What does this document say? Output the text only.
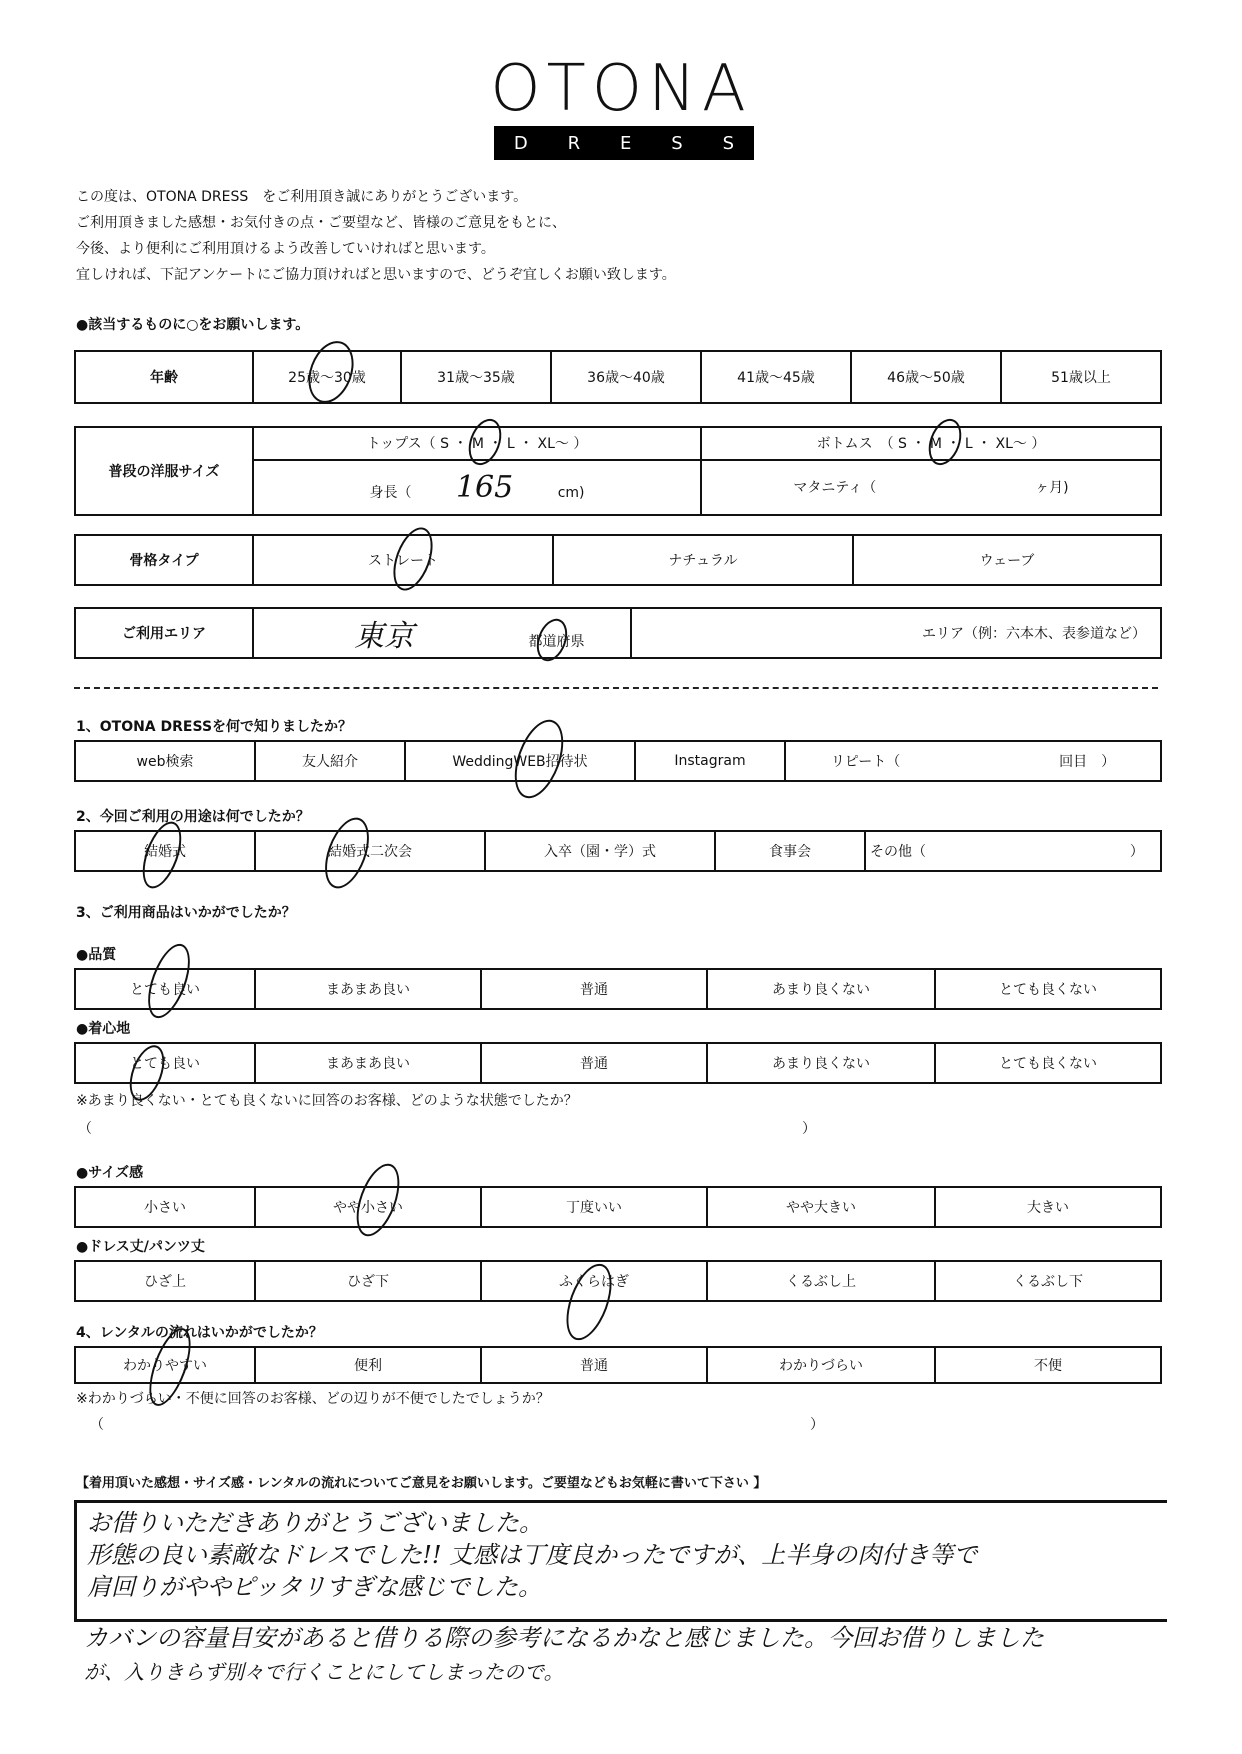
OTONA
D R E S S
この度は、OTONA DRESS　をご利用頂き誠にありがとうございます。
ご利用頂きました感想・お気付きの点・ご要望など、皆様のご意見をもとに、
今後、より便利にご利用頂けるよう改善していければと思います。
宜しければ、下記アンケートにご協力頂ければと思いますので、どうぞ宜しくお願い致します。
●該当するものに○をお願いします。
年齢	25歳～30歳	31歳～35歳	36歳～40歳	41歳～45歳	46歳～50歳	51歳以上
普段の洋服サイズ	トップス（ S ・ M ・ L ・ XL～ ）	ボトムス　（ S ・ M ・ L ・ XL～ ）
	身長（ 165 cm)	マタニティ（ ヶ月)
骨格タイプ	ストレート	ナチュラル	ウェーブ
ご利用エリア	東京	都道府県	エリア（例：六本木、表参道など）
1、OTONA DRESSを何で知りましたか？
web検索	友人紹介	WeddingWEB招待状	Instagram	リピート（	回目　）
2、今回ご利用の用途は何でしたか？
結婚式	結婚式二次会	入卒（園・学）式	食事会	その他（	）
3、ご利用商品はいかがでしたか？
●品質
とても良い	まあまあ良い	普通	あまり良くない	とても良くない
●着心地
とても良い	まあまあ良い	普通	あまり良くない	とても良くない
※あまり良くない・とても良くないに回答のお客様、どのような状態でしたか？
（	）
●サイズ感
小さい	やや小さい	丁度いい	やや大きい	大きい
●ドレス丈/パンツ丈
ひざ上	ひざ下	ふくらはぎ	くるぶし上	くるぶし下
4、レンタルの流れはいかがでしたか？
わかりやすい	便利	普通	わかりづらい	不便
※わかりづらい・不便に回答のお客様、どの辺りが不便でしたでしょうか？
（	）
【着用頂いた感想・サイズ感・レンタルの流れについてご意見をお願いします。ご要望などもお気軽に書いて下さい 】
お借りいただきありがとうございました。
形態の良い素敵なドレスでした!! 丈感は丁度良かったですが、上半身の肉付き等で
肩回りがややピッタリすぎな感じでした。
カバンの容量目安があると借りる際の参考になるかなと感じました。今回お借りしました
が、入りきらず別々で行くことにしてしまったので。
